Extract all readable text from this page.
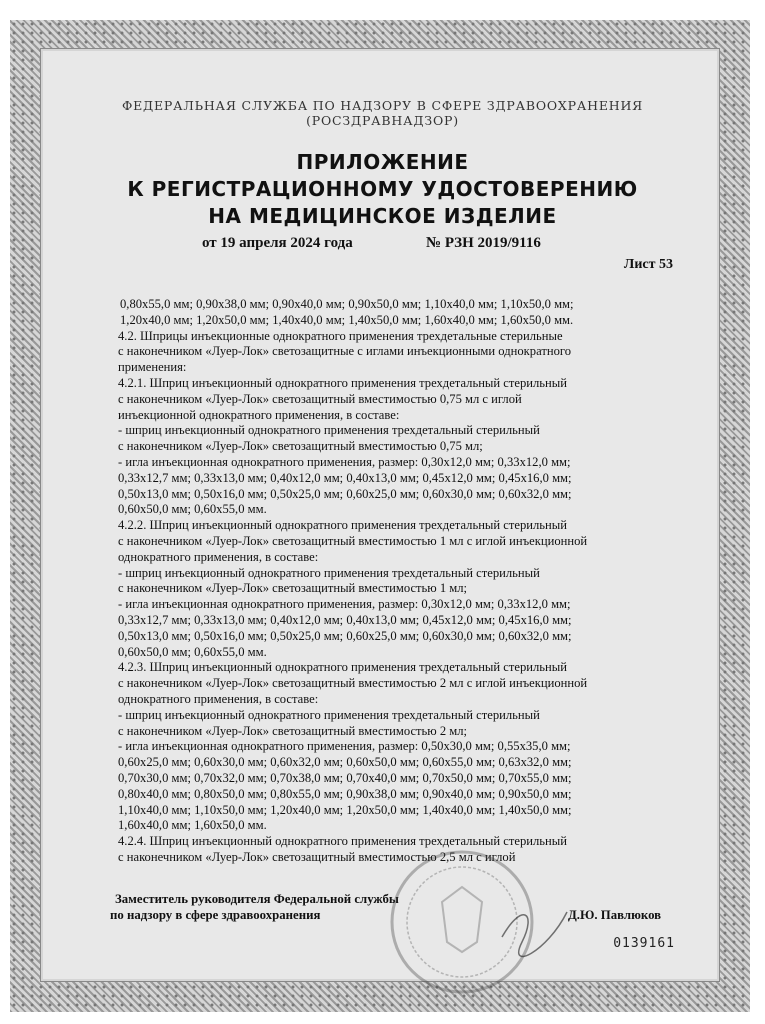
ФЕДЕРАЛЬНАЯ СЛУЖБА ПО НАДЗОРУ В СФЕРЕ ЗДРАВООХРАНЕНИЯ
(РОСЗДРАВНАДЗОР)
ПРИЛОЖЕНИЕ
К РЕГИСТРАЦИОННОМУ УДОСТОВЕРЕНИЮ
НА МЕДИЦИНСКОЕ ИЗДЕЛИЕ
от 19 апреля 2024 года	№ РЗН 2019/9116
Лист 53
0,80x55,0 мм; 0,90x38,0 мм; 0,90x40,0 мм; 0,90x50,0 мм; 1,10x40,0 мм; 1,10x50,0 мм;
1,20x40,0 мм; 1,20x50,0 мм; 1,40x40,0 мм; 1,40x50,0 мм; 1,60x40,0 мм; 1,60x50,0 мм.
4.2. Шприцы инъекционные однократного применения трехдетальные стерильные
с наконечником «Луер-Лок» светозащитные с иглами инъекционными однократного
применения:
4.2.1. Шприц инъекционный однократного применения трехдетальный стерильный
с наконечником «Луер-Лок» светозащитный вместимостью 0,75 мл с иглой
инъекционной однократного применения, в составе:
- шприц инъекционный однократного применения трехдетальный стерильный
с наконечником «Луер-Лок» светозащитный вместимостью 0,75 мл;
- игла инъекционная однократного применения, размер: 0,30x12,0 мм; 0,33x12,0 мм;
0,33x12,7 мм; 0,33x13,0 мм; 0,40x12,0 мм; 0,40x13,0 мм; 0,45x12,0 мм; 0,45x16,0 мм;
0,50x13,0 мм; 0,50x16,0 мм; 0,50x25,0 мм; 0,60x25,0 мм; 0,60x30,0 мм; 0,60x32,0 мм;
0,60x50,0 мм; 0,60x55,0 мм.
4.2.2. Шприц инъекционный однократного применения трехдетальный стерильный
с наконечником «Луер-Лок» светозащитный вместимостью 1 мл с иглой инъекционной
однократного применения, в составе:
- шприц инъекционный однократного применения трехдетальный стерильный
с наконечником «Луер-Лок» светозащитный вместимостью 1 мл;
- игла инъекционная однократного применения, размер: 0,30x12,0 мм; 0,33x12,0 мм;
0,33x12,7 мм; 0,33x13,0 мм; 0,40x12,0 мм; 0,40x13,0 мм; 0,45x12,0 мм; 0,45x16,0 мм;
0,50x13,0 мм; 0,50x16,0 мм; 0,50x25,0 мм; 0,60x25,0 мм; 0,60x30,0 мм; 0,60x32,0 мм;
0,60x50,0 мм; 0,60x55,0 мм.
4.2.3. Шприц инъекционный однократного применения трехдетальный стерильный
с наконечником «Луер-Лок» светозащитный вместимостью 2 мл с иглой инъекционной
однократного применения, в составе:
- шприц инъекционный однократного применения трехдетальный стерильный
с наконечником «Луер-Лок» светозащитный вместимостью 2 мл;
- игла инъекционная однократного применения, размер: 0,50x30,0 мм; 0,55x35,0 мм;
0,60x25,0 мм; 0,60x30,0 мм; 0,60x32,0 мм; 0,60x50,0 мм; 0,60x55,0 мм; 0,63x32,0 мм;
0,70x30,0 мм; 0,70x32,0 мм; 0,70x38,0 мм; 0,70x40,0 мм; 0,70x50,0 мм; 0,70x55,0 мм;
0,80x40,0 мм; 0,80x50,0 мм; 0,80x55,0 мм; 0,90x38,0 мм; 0,90x40,0 мм; 0,90x50,0 мм;
1,10x40,0 мм; 1,10x50,0 мм; 1,20x40,0 мм; 1,20x50,0 мм; 1,40x40,0 мм; 1,40x50,0 мм;
1,60x40,0 мм; 1,60x50,0 мм.
4.2.4. Шприц инъекционный однократного применения трехдетальный стерильный
с наконечником «Луер-Лок» светозащитный вместимостью 2,5 мл с иглой
Заместитель руководителя Федеральной службы
по надзору в сфере здравоохранения	Д.Ю. Павлюков
0139161
